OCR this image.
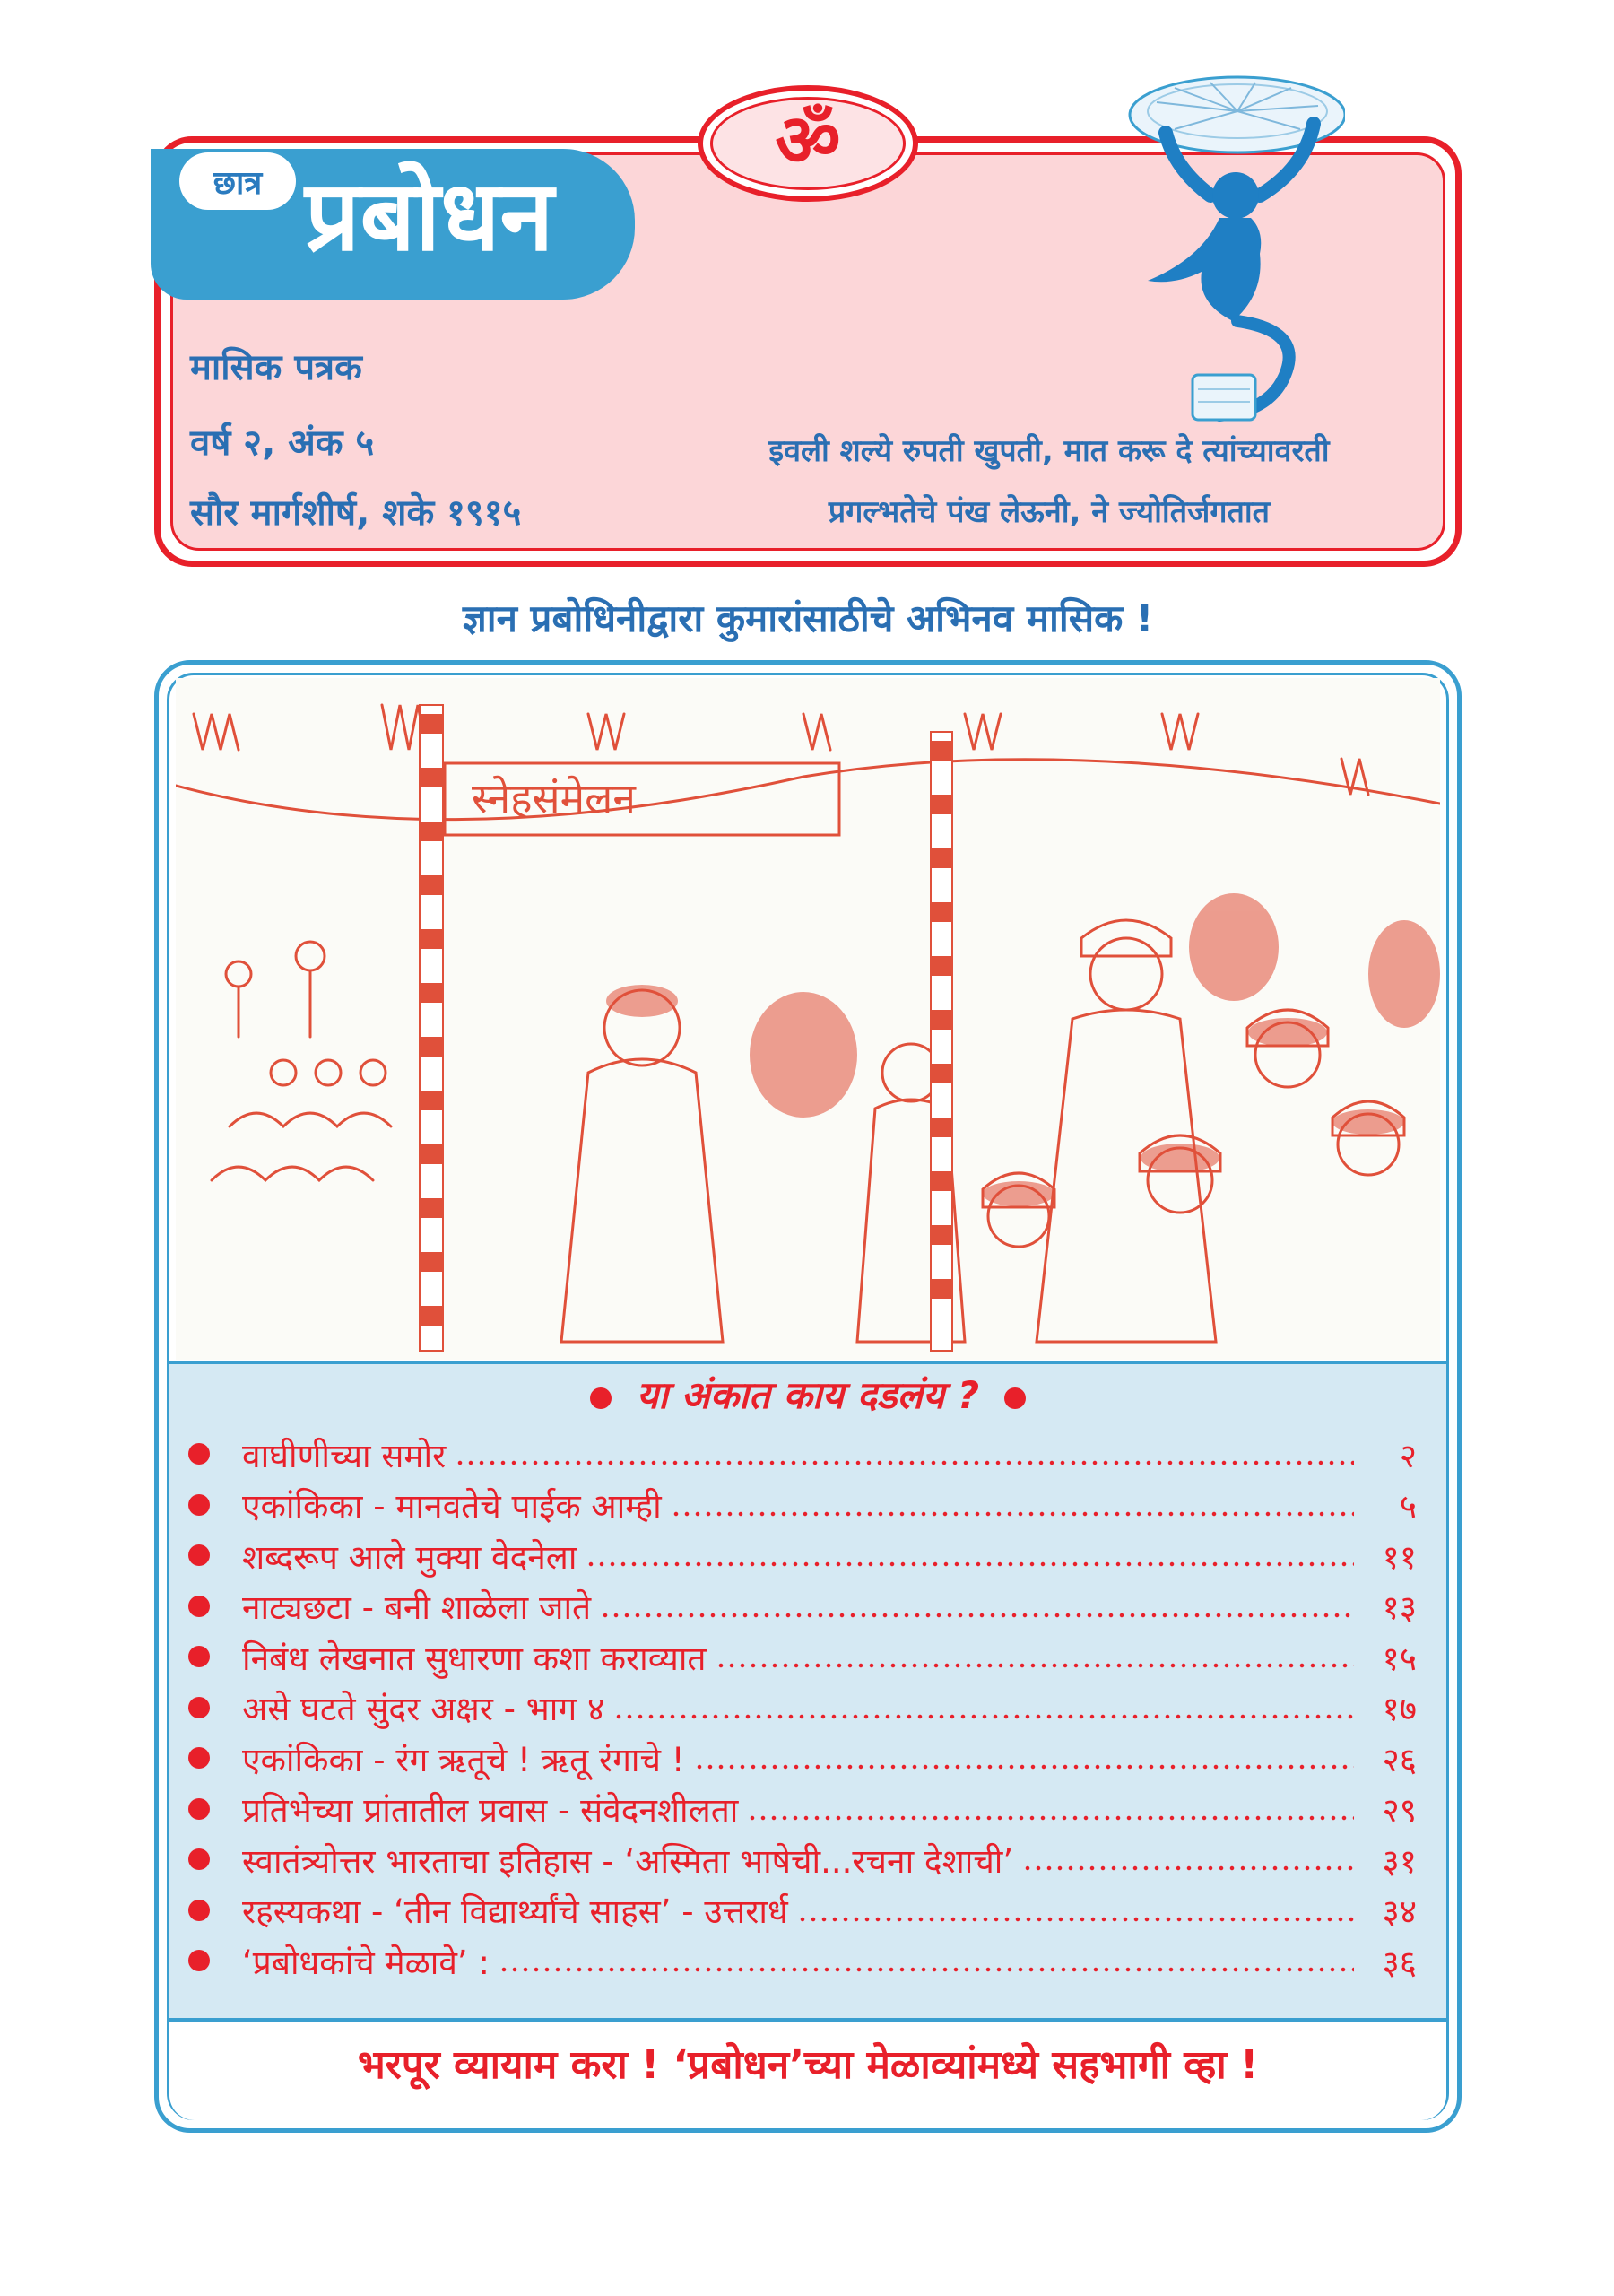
छात्र प्रबोधन
ॐ
मासिक पत्रक
वर्ष २, अंक ५
सौर मार्गशीर्ष, शके १९१५
इवली शल्ये रुपती खुपती, मात करू दे त्यांच्यावरती
प्रगल्भतेचे पंख लेऊनी, ने ज्योतिर्जगतात
ज्ञान प्रबोधिनीद्वारा कुमारांसाठीचे अभिनव मासिक !
स्नेहसंमेलन
या अंकात काय दडलंय ?
वाघीणीच्या समोर	२
एकांकिका - मानवतेचे पाईक आम्ही	५
शब्दरूप आले मुक्या वेदनेला	११
नाट्यछटा - बनी शाळेला जाते	१३
निबंध लेखनात सुधारणा कशा कराव्यात	१५
असे घटते सुंदर अक्षर - भाग ४	१७
एकांकिका - रंग ऋतूचे ! ऋतू रंगाचे !	२६
प्रतिभेच्या प्रांतातील प्रवास - संवेदनशीलता	२९
स्वातंत्र्योत्तर भारताचा इतिहास - ‘अस्मिता भाषेची...रचना देशाची’	३१
रहस्यकथा - ‘तीन विद्यार्थ्यांचे साहस’ - उत्तरार्ध	३४
‘प्रबोधकांचे मेळावे’ :	३६
भरपूर व्यायाम करा ! ‘प्रबोधन’च्या मेळाव्यांमध्ये सहभागी व्हा !
